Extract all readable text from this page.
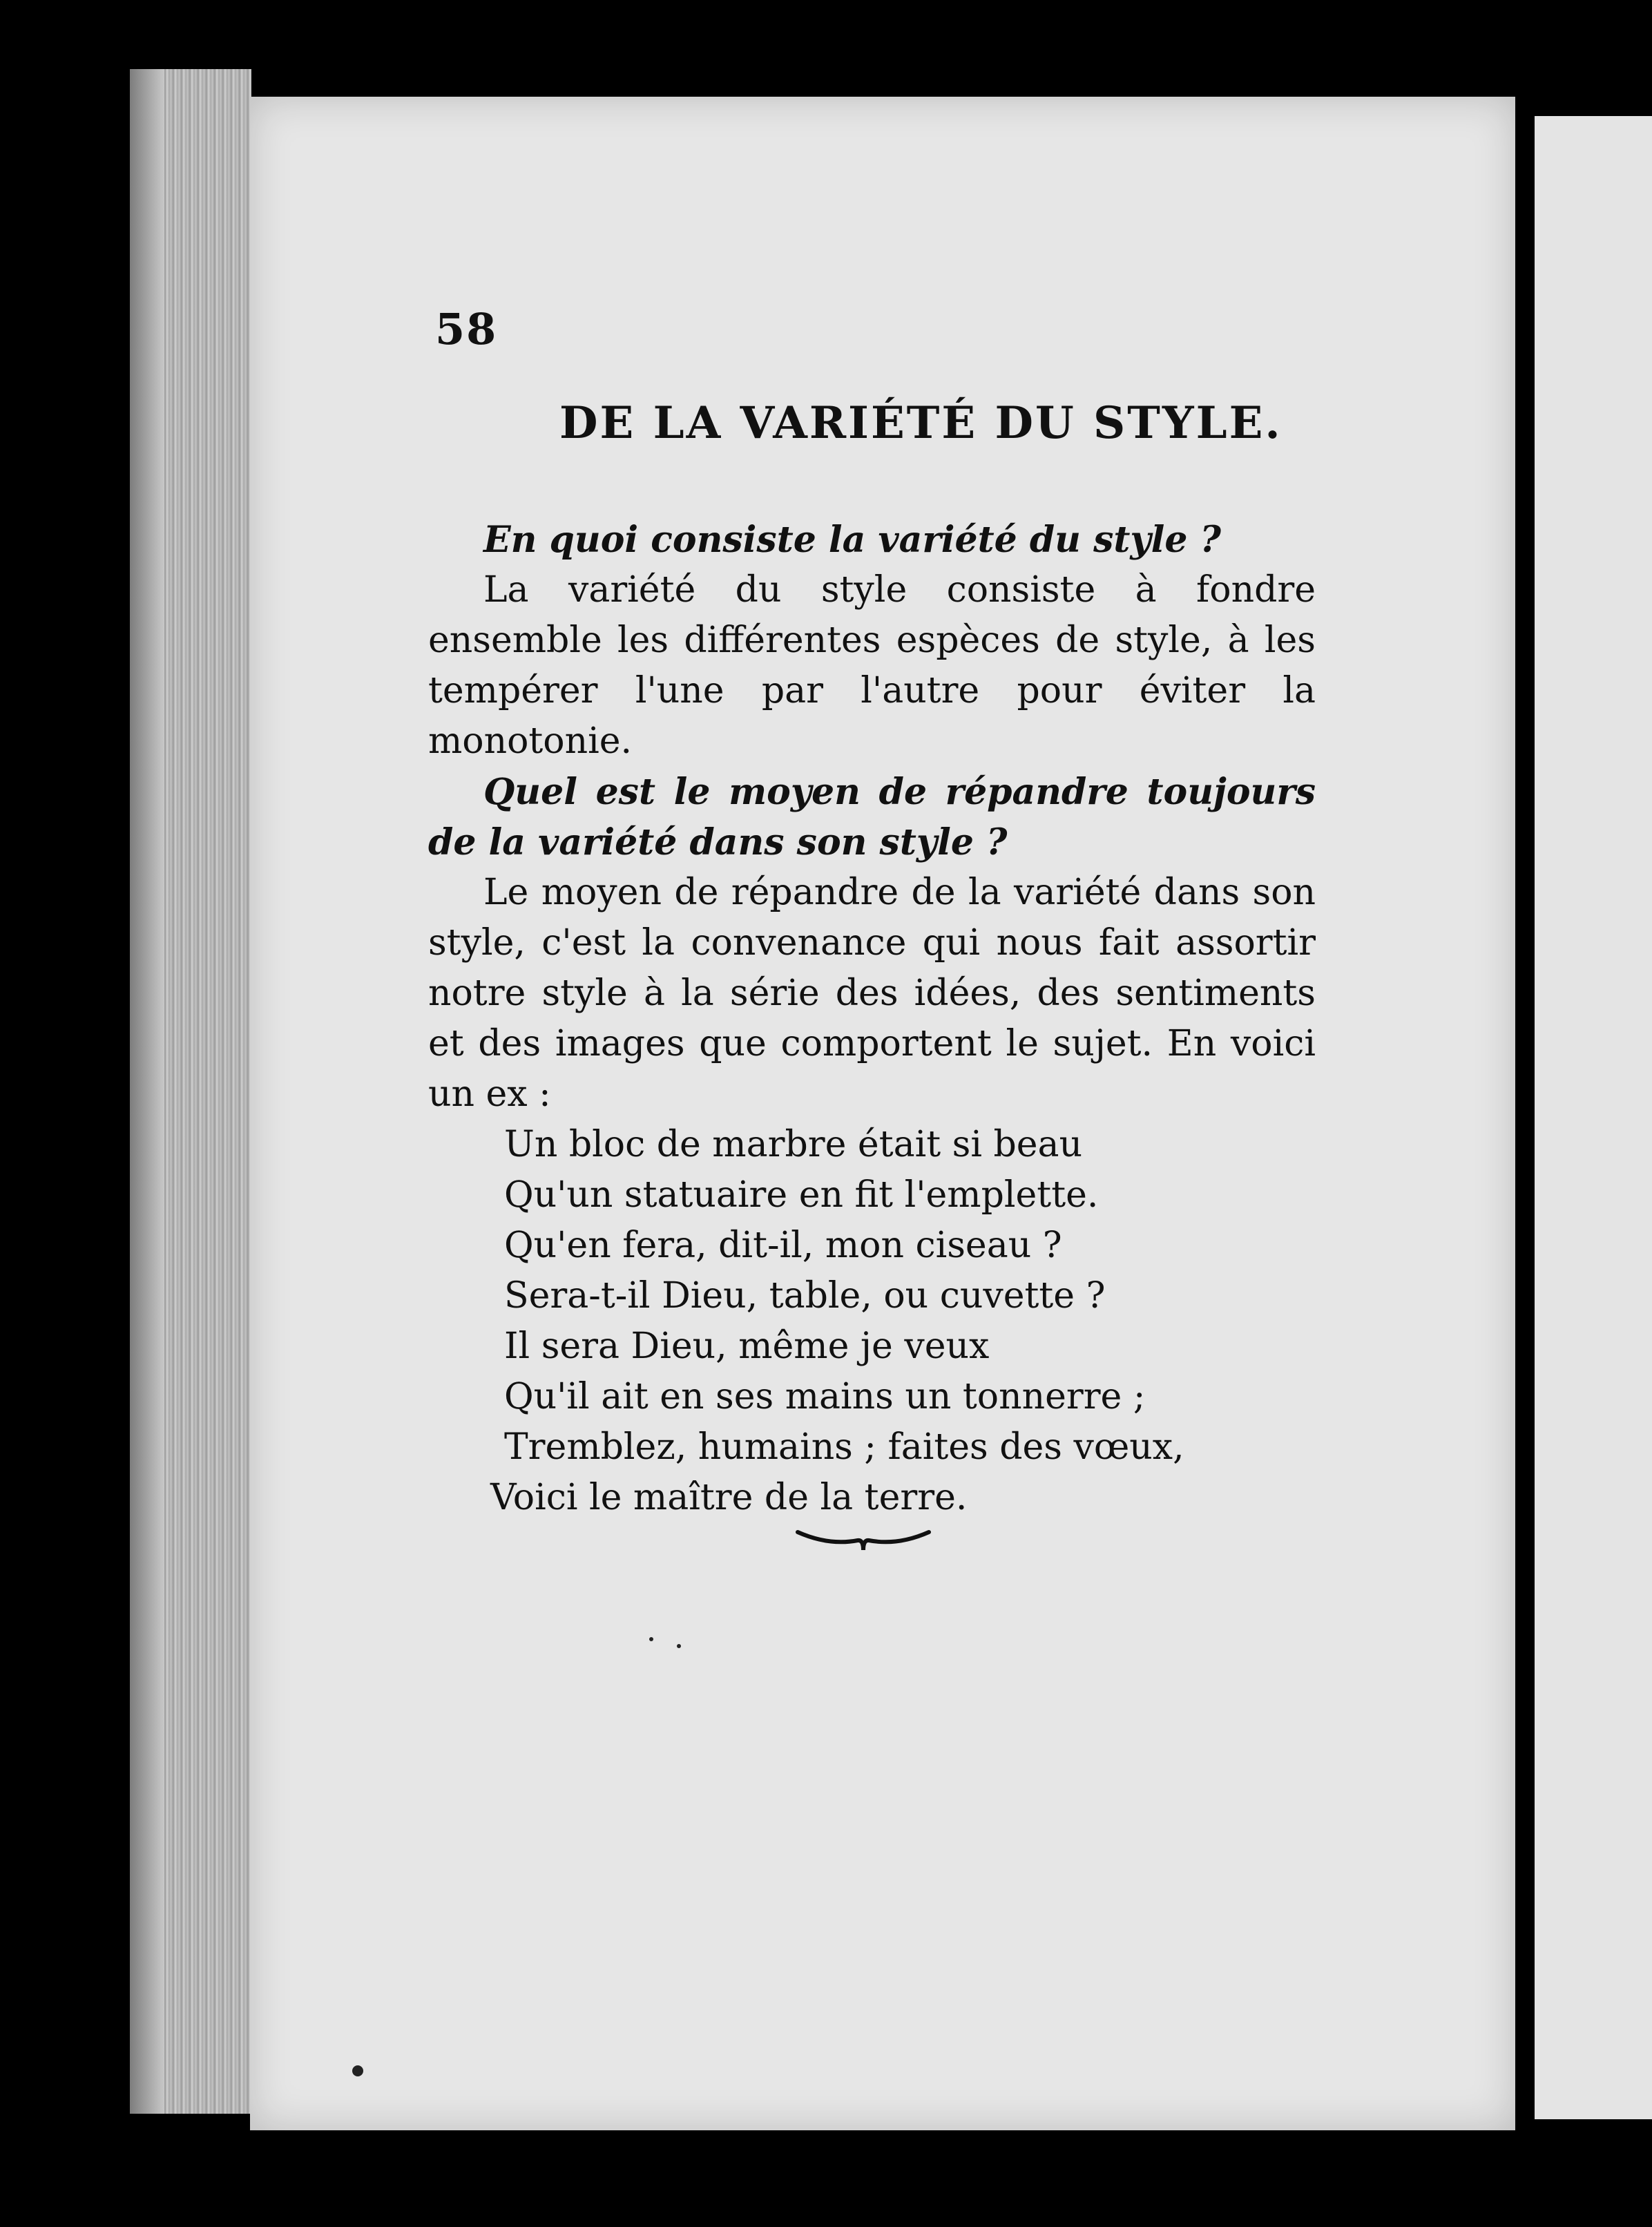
58
DE LA VARIÉTÉ DU STYLE.

En quoi consiste la variété du style ?

La variété du style consiste à fondre ensemble les différentes espèces de style, à les tempérer l'une par l'autre pour éviter la monotonie.

Quel est le moyen de répandre toujours de la variété dans son style ?

Le moyen de répandre de la variété dans son style, c'est la convenance qui nous fait assortir notre style à la série des idées, des sentiments et des images que comportent le sujet. En voici un ex :

Un bloc de marbre était si beau
Qu'un statuaire en fit l'emplette.
Qu'en fera, dit-il, mon ciseau ?
Sera-t-il Dieu, table, ou cuvette ?
Il sera Dieu, même je veux
Qu'il ait en ses mains un tonnerre ;
Tremblez, humains ; faites des vœux,
Voici le maître de la terre.
